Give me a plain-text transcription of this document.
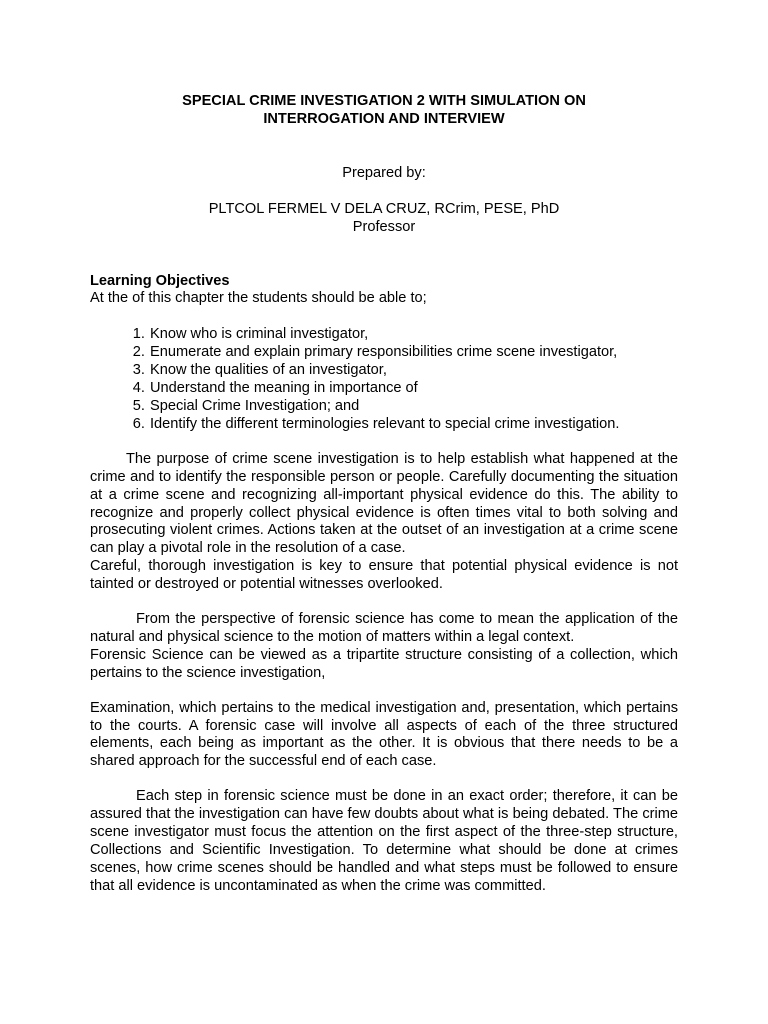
SPECIAL CRIME INVESTIGATION 2 WITH SIMULATION ON

INTERROGATION AND INTERVIEW

Prepared by:

PLTCOL FERMEL V DELA CRUZ, RCrim, PESE, PhD

Professor

Learning Objectives

At the of this chapter the students should be able to;

1. Know who is criminal investigator,
2. Enumerate and explain primary responsibilities crime scene investigator,
3. Know the qualities of an investigator,
4. Understand the meaning in importance of
5. Special Crime Investigation; and
6. Identify the different terminologies relevant to special crime investigation.

The purpose of crime scene investigation is to help establish what happened at the crime and to identify the responsible person or people. Carefully documenting the situation at a crime scene and recognizing all-important physical evidence do this. The ability to recognize and properly collect physical evidence is often times vital to both solving and prosecuting violent crimes. Actions taken at the outset of an investigation at a crime scene can play a pivotal role in the resolution of a case.

Careful, thorough investigation is key to ensure that potential physical evidence is not tainted or destroyed or potential witnesses overlooked.

From the perspective of forensic science has come to mean the application of the natural and physical science to the motion of matters within a legal context.

Forensic Science can be viewed as a tripartite structure consisting of a collection, which pertains to the science investigation,

Examination, which pertains to the medical investigation and, presentation, which pertains to the courts. A forensic case will involve all aspects of each of the three structured elements, each being as important as the other. It is obvious that there needs to be a shared approach for the successful end of each case.

Each step in forensic science must be done in an exact order; therefore, it can be assured that the investigation can have few doubts about what is being debated. The crime scene investigator must focus the attention on the first aspect of the three-step structure, Collections and Scientific Investigation. To determine what should be done at crimes scenes, how crime scenes should be handled and what steps must be followed to ensure that all evidence is uncontaminated as when the crime was committed.
